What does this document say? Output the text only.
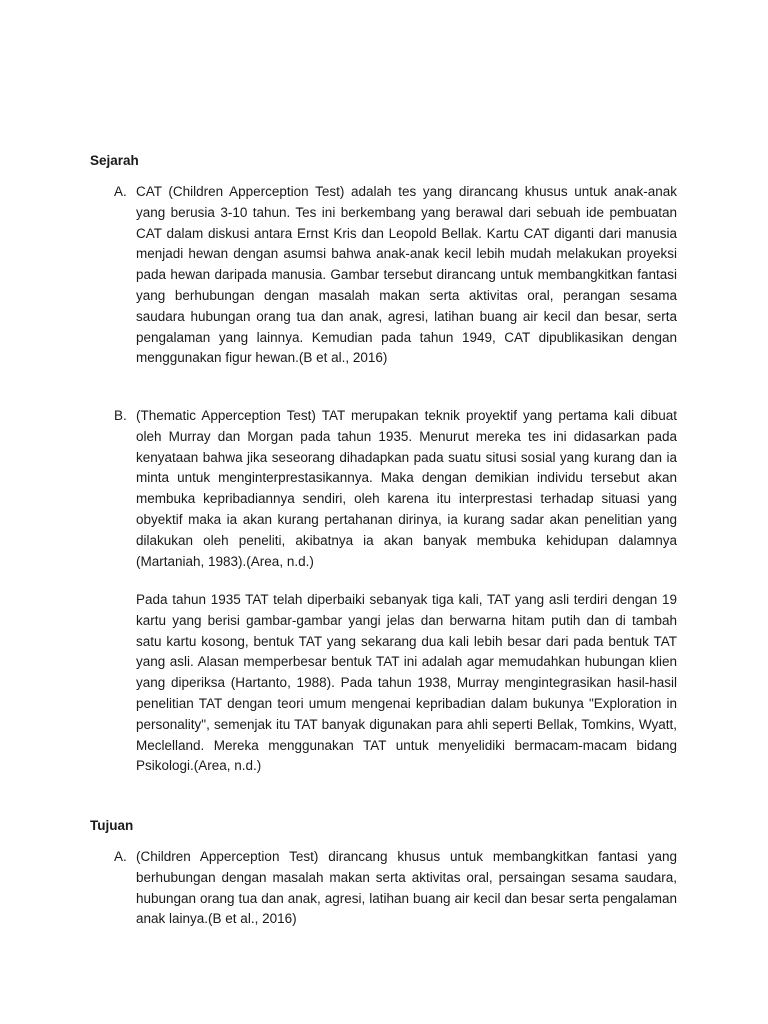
Sejarah
A. CAT (Children Apperception Test) adalah tes yang dirancang khusus untuk anak-anak yang berusia 3-10 tahun. Tes ini berkembang yang berawal dari sebuah ide pembuatan CAT dalam diskusi antara Ernst Kris dan Leopold Bellak. Kartu CAT diganti dari manusia menjadi hewan dengan asumsi bahwa anak-anak kecil lebih mudah melakukan proyeksi pada hewan daripada manusia. Gambar tersebut dirancang untuk membangkitkan fantasi yang berhubungan dengan masalah makan serta aktivitas oral, perangan sesama saudara hubungan orang tua dan anak, agresi, latihan buang air kecil dan besar, serta pengalaman yang lainnya. Kemudian pada tahun 1949, CAT dipublikasikan dengan menggunakan figur hewan.(B et al., 2016)

B. (Thematic Apperception Test) TAT merupakan teknik proyektif yang pertama kali dibuat oleh Murray dan Morgan pada tahun 1935. Menurut mereka tes ini didasarkan pada kenyataan bahwa jika seseorang dihadapkan pada suatu situsi sosial yang kurang dan ia minta untuk menginterprestasikannya. Maka dengan demikian individu tersebut akan membuka kepribadiannya sendiri, oleh karena itu interprestasi terhadap situasi yang obyektif maka ia akan kurang pertahanan dirinya, ia kurang sadar akan penelitian yang dilakukan oleh peneliti, akibatnya ia akan banyak membuka kehidupan dalamnya (Martaniah, 1983).(Area, n.d.)

Pada tahun 1935 TAT telah diperbaiki sebanyak tiga kali, TAT yang asli terdiri dengan 19 kartu yang berisi gambar-gambar yangi jelas dan berwarna hitam putih dan di tambah satu kartu kosong, bentuk TAT yang sekarang dua kali lebih besar dari pada bentuk TAT yang asli. Alasan memperbesar bentuk TAT ini adalah agar memudahkan hubungan klien yang diperiksa (Hartanto, 1988). Pada tahun 1938, Murray mengintegrasikan hasil-hasil penelitian TAT dengan teori umum mengenai kepribadian dalam bukunya "Exploration in personality", semenjak itu TAT banyak digunakan para ahli seperti Bellak, Tomkins, Wyatt, Meclelland. Mereka menggunakan TAT untuk menyelidiki bermacam-macam bidang Psikologi.(Area, n.d.)

Tujuan
A. (Children Apperception Test) dirancang khusus untuk membangkitkan fantasi yang berhubungan dengan masalah makan serta aktivitas oral, persaingan sesama saudara, hubungan orang tua dan anak, agresi, latihan buang air kecil dan besar serta pengalaman anak lainya.(B et al., 2016)
